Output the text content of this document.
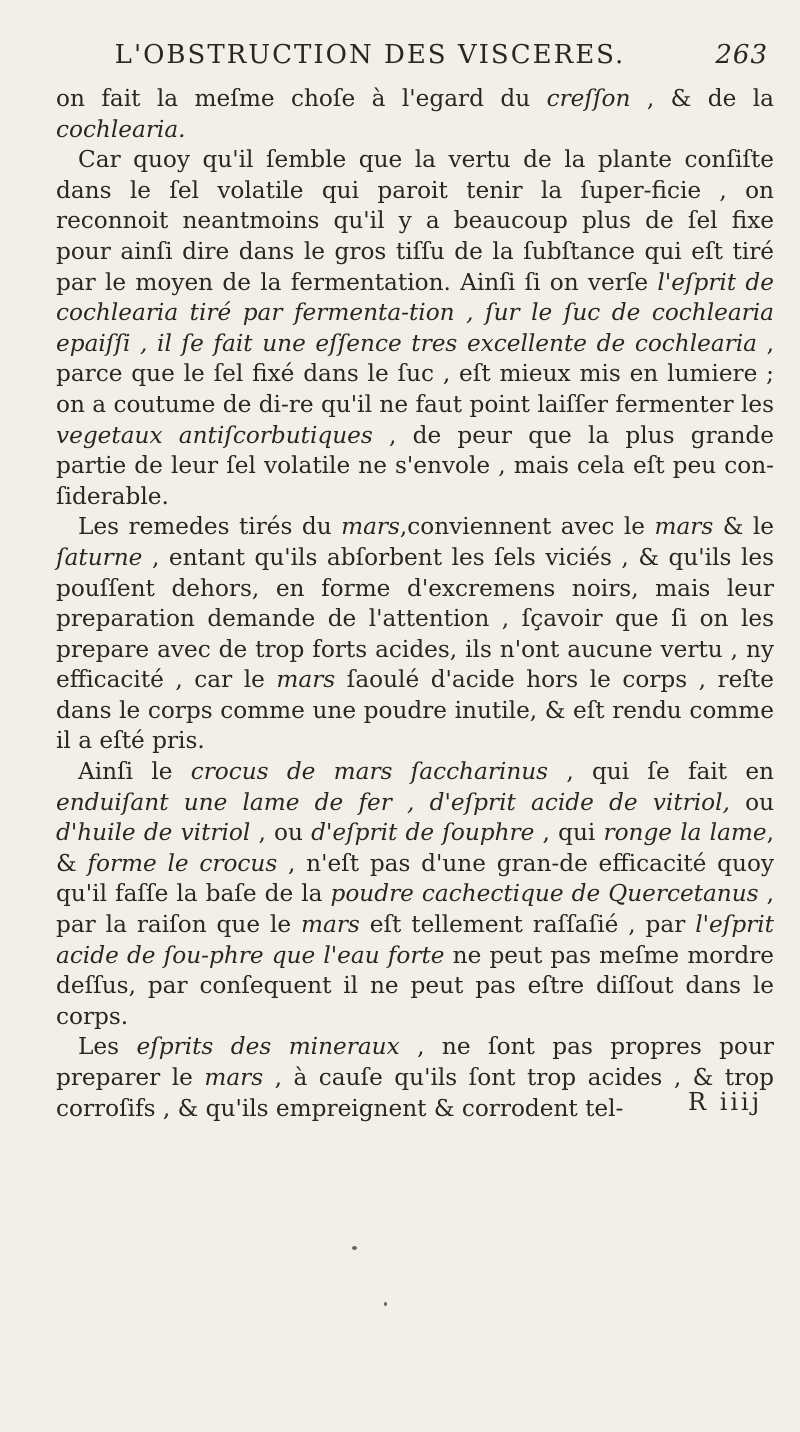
L'OBSTRUCTION DES VISCERES.	263

on fait la meſme choſe à l'egard du creſſon , & de la cochlearia.

Car quoy qu'il ſemble que la vertu de la plante conſiſte dans le ſel volatile qui paroit tenir la ſuper-ficie , on reconnoit neantmoins qu'il y a beaucoup plus de ſel fixe pour ainſi dire dans le gros tiſſu de la ſubſtance qui eſt tiré par le moyen de la fermentation. Ainſi ſi on verſe l'eſprit de cochlearia tiré par fermenta-tion , ſur le ſuc de cochlearia epaiſſi , il ſe fait une eſſence tres excellente de cochlearia , parce que le ſel fixé dans le ſuc , eſt mieux mis en lumiere ; on a coutume de di-re qu'il ne faut point laiſſer fermenter les vegetaux antiſcorbutiques , de peur que la plus grande partie de leur ſel volatile ne s'envole , mais cela eſt peu con-ſiderable.

Les remedes tirés du mars,conviennent avec le mars & le ſaturne , entant qu'ils abſorbent les ſels viciés , & qu'ils les pouſſent dehors, en forme d'excremens noirs, mais leur preparation demande de l'attention , ſçavoir que ſi on les prepare avec de trop forts acides, ils n'ont aucune vertu , ny efficacité , car le mars ſaoulé d'acide hors le corps , reſte dans le corps comme une poudre inutile, & eſt rendu comme il a eſté pris.

Ainſi le crocus de mars ſaccharinus , qui ſe fait en enduiſant une lame de fer , d'eſprit acide de vitriol, ou d'huile de vitriol , ou d'eſprit de ſouphre , qui ronge la lame, & forme le crocus , n'eſt pas d'une gran-de efficacité quoy qu'il faſſe la baſe de la poudre cachectique de Quercetanus , par la raiſon que le mars eſt tellement raſſaſié , par l'eſprit acide de ſou-phre que l'eau forte ne peut pas meſme mordre deſſus, par conſequent il ne peut pas eſtre diſſout dans le corps.

Les eſprits des mineraux , ne ſont pas propres pour preparer le mars , à cauſe qu'ils ſont trop acides , & trop corroſifs , & qu'ils empreignent & corrodent tel-	R iiij
